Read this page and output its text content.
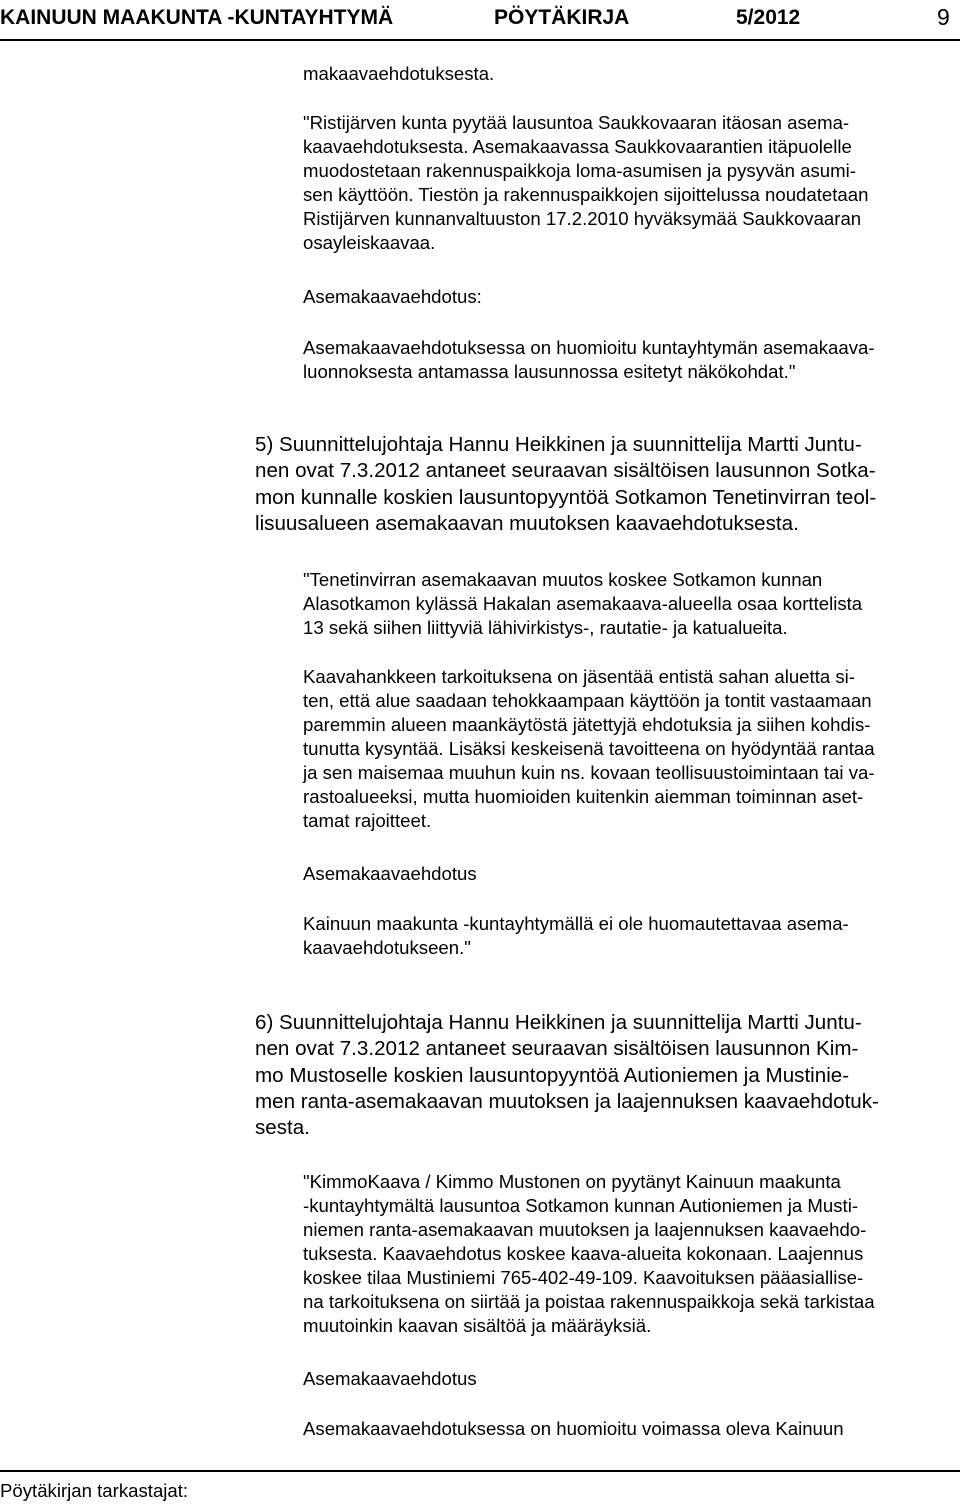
KAINUUN MAAKUNTA -KUNTAYHTYMÄ	PÖYTÄKIRJA	5/2012	9
makaavaehdotuksesta.
"Ristijärven kunta pyytää lausuntoa Saukkovaaran itäosan asema-
kaavaehdotuksesta. Asemakaavassa Saukkovaarantien itäpuolelle
muodostetaan rakennuspaikkoja loma-asumisen ja pysyvän asumi-
sen käyttöön. Tiestön ja rakennuspaikkojen sijoittelussa noudatetaan
Ristijärven kunnanvaltuuston 17.2.2010 hyväksymää Saukkovaaran
osayleiskaavaa.
Asemakaavaehdotus:
Asemakaavaehdotuksessa on huomioitu kuntayhtymän asemakaava-
luonnoksesta antamassa lausunnossa esitetyt näkökohdat."
5) Suunnittelujohtaja Hannu Heikkinen ja suunnittelija Martti Juntu-
nen ovat 7.3.2012 antaneet seuraavan sisältöisen lausunnon Sotka-
mon kunnalle koskien lausuntopyyntöä Sotkamon Tenetinvirran teol-
lisuusalueen asemakaavan muutoksen kaavaehdotuksesta.
"Tenetinvirran asemakaavan muutos koskee Sotkamon kunnan
Alasotkamon kylässä Hakalan asemakaava-alueella osaa korttelista
13 sekä siihen liittyviä lähivirkistys-, rautatie- ja katualueita.
Kaavahankkeen tarkoituksena on jäsentää entistä sahan aluetta si-
ten, että alue saadaan tehokkaampaan käyttöön ja tontit vastaamaan
paremmin alueen maankäytöstä jätettyjä ehdotuksia ja siihen kohdis-
tunutta kysyntää. Lisäksi keskeisenä tavoitteena on hyödyntää rantaa
ja sen maisemaa muuhun kuin ns. kovaan teollisuustoimintaan tai va-
rastoalueeksi, mutta huomioiden kuitenkin aiemman toiminnan aset-
tamat rajoitteet.
Asemakaavaehdotus
Kainuun maakunta -kuntayhtymällä ei ole huomautettavaa asema-
kaavaehdotukseen."
6) Suunnittelujohtaja Hannu Heikkinen ja suunnittelija Martti Juntu-
nen ovat 7.3.2012 antaneet seuraavan sisältöisen lausunnon Kim-
mo Mustoselle koskien lausuntopyyntöä Autioniemen ja Mustinie-
men ranta-asemakaavan muutoksen ja laajennuksen kaavaehdotuk-
sesta.
"KimmoKaava / Kimmo Mustonen on pyytänyt Kainuun maakunta
-kuntayhtymältä lausuntoa Sotkamon kunnan Autioniemen ja Musti-
niemen ranta-asemakaavan muutoksen ja laajennuksen kaavaehdo-
tuksesta. Kaavaehdotus koskee kaava-alueita kokonaan. Laajennus
koskee tilaa Mustiniemi 765-402-49-109. Kaavoituksen pääasiallise-
na tarkoituksena on siirtää ja poistaa rakennuspaikkoja sekä tarkistaa
muutoinkin kaavan sisältöä ja määräyksiä.
Asemakaavaehdotus
Asemakaavaehdotuksessa on huomioitu voimassa oleva Kainuun
Pöytäkirjan tarkastajat:
